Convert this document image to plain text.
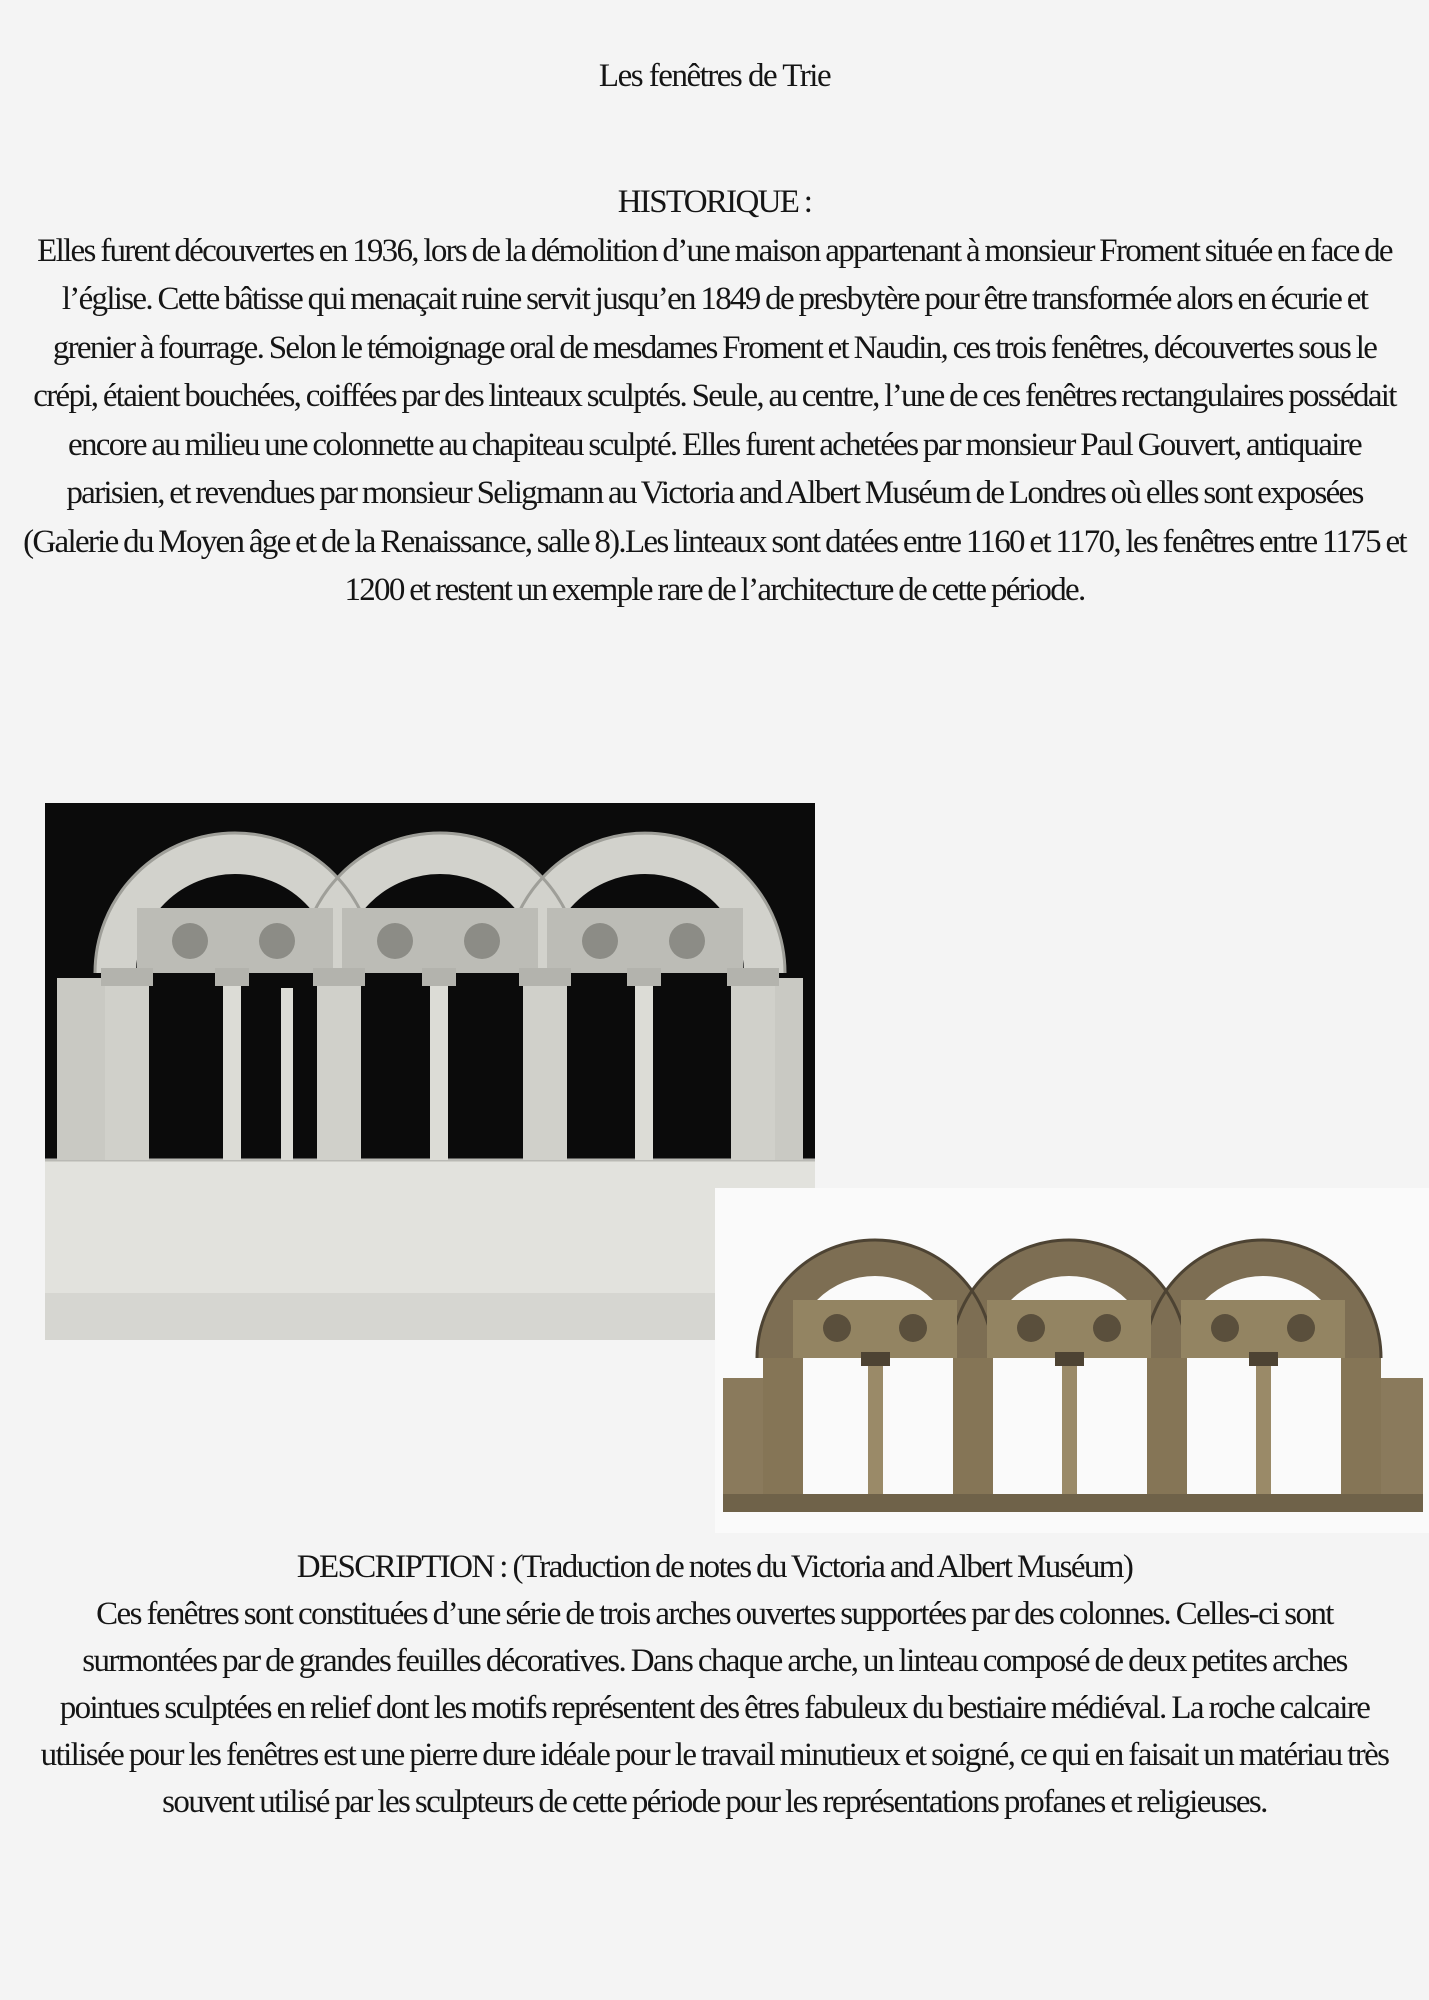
Les fenêtres de Trie
HISTORIQUE :
Elles furent découvertes en 1936, lors de la démolition d’une maison appartenant à monsieur Froment située en face de l’église. Cette bâtisse qui menaçait ruine servit jusqu’en 1849 de presbytère pour être transformée alors en écurie et grenier à fourrage. Selon le témoignage oral de mesdames Froment et Naudin, ces trois fenêtres, découvertes sous le crépi, étaient bouchées, coiffées par des linteaux sculptés. Seule, au centre, l’une de ces fenêtres rectangulaires possédait encore au milieu une colonnette au chapiteau sculpté. Elles furent achetées par monsieur Paul Gouvert, antiquaire parisien, et revendues par monsieur Seligmann au Victoria and Albert Muséum de Londres où elles sont exposées (Galerie du Moyen âge et de la Renaissance, salle 8).Les linteaux sont datées entre 1160 et 1170, les fenêtres entre 1175 et 1200 et restent un exemple rare de l’architecture de cette période.
DESCRIPTION : (Traduction de notes du Victoria and Albert Muséum)
Ces fenêtres sont constituées d’une série de trois arches ouvertes supportées par des colonnes. Celles-ci sont surmontées par de grandes feuilles décoratives. Dans chaque arche, un linteau composé de deux petites arches pointues sculptées en relief dont les motifs représentent des êtres fabuleux du bestiaire médiéval. La roche calcaire utilisée pour les fenêtres est une pierre dure idéale pour le travail minutieux et soigné, ce qui en faisait un matériau très souvent utilisé par les sculpteurs de cette période pour les représentations profanes et religieuses.
